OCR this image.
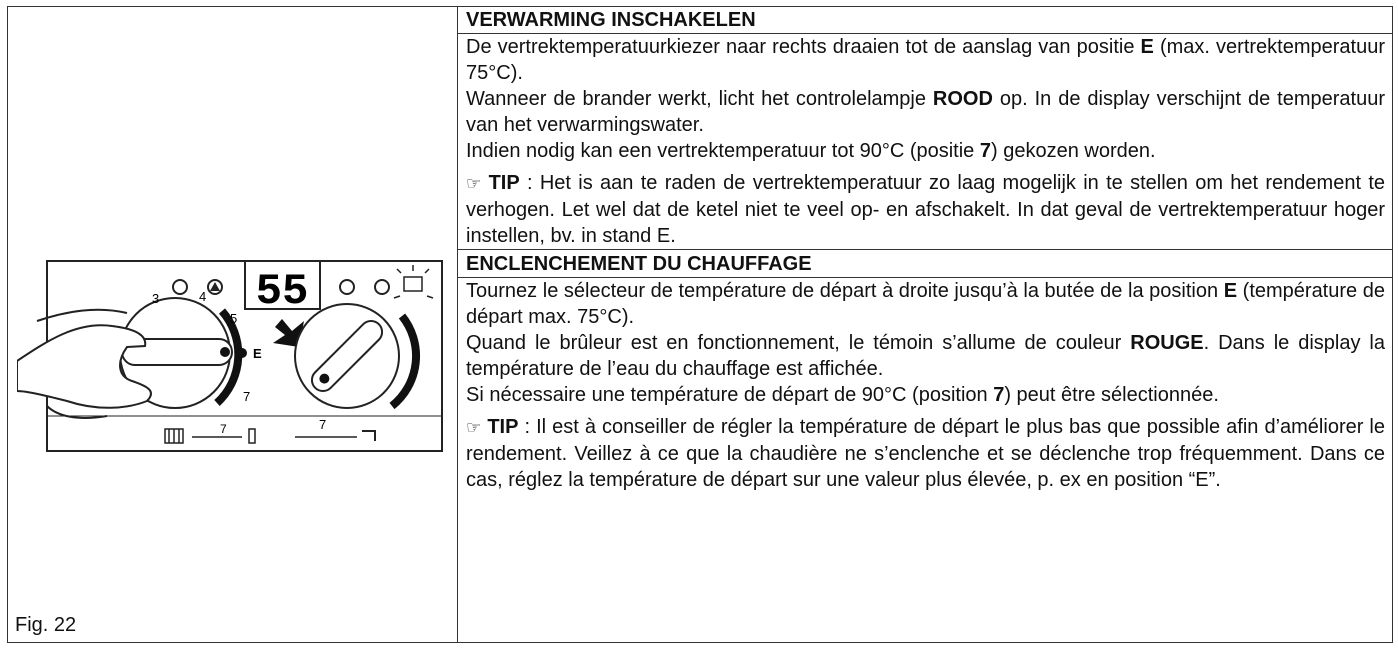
55
3	4
5
E
7
7
7
Fig. 22
VERWARMING INSCHAKELEN
De vertrektemperatuurkiezer naar rechts draaien tot de aanslag van positie E (max. vertrektemperatuur 75°C).
Wanneer de brander werkt, licht het controlelampje ROOD op. In de display verschijnt de temperatuur van het verwarmingswater.
Indien nodig kan een vertrektemperatuur tot 90°C (positie 7) gekozen worden.
☞ TIP : Het is aan te raden de vertrektemperatuur zo laag mogelijk in te stellen om het rendement te verhogen. Let wel dat de ketel niet te veel op- en afschakelt. In dat geval de vertrektemperatuur hoger instellen, bv. in stand E.
ENCLENCHEMENT DU CHAUFFAGE
Tournez le sélecteur de température de départ à droite jusqu’à la butée de la position E (température de départ max. 75°C).
Quand le brûleur est en fonctionnement, le témoin s’allume de couleur ROUGE. Dans le display la température de l’eau du chauffage est affichée.
Si nécessaire une température de départ de 90°C (position 7) peut être sélectionnée.
☞ TIP : Il est à conseiller de régler la température de départ le plus bas que possible afin d’améliorer le rendement. Veillez à ce que la chaudière ne s’enclenche et se déclenche trop fréquemment. Dans ce cas, réglez la température de départ sur une valeur plus élevée, p. ex en position “E”.
